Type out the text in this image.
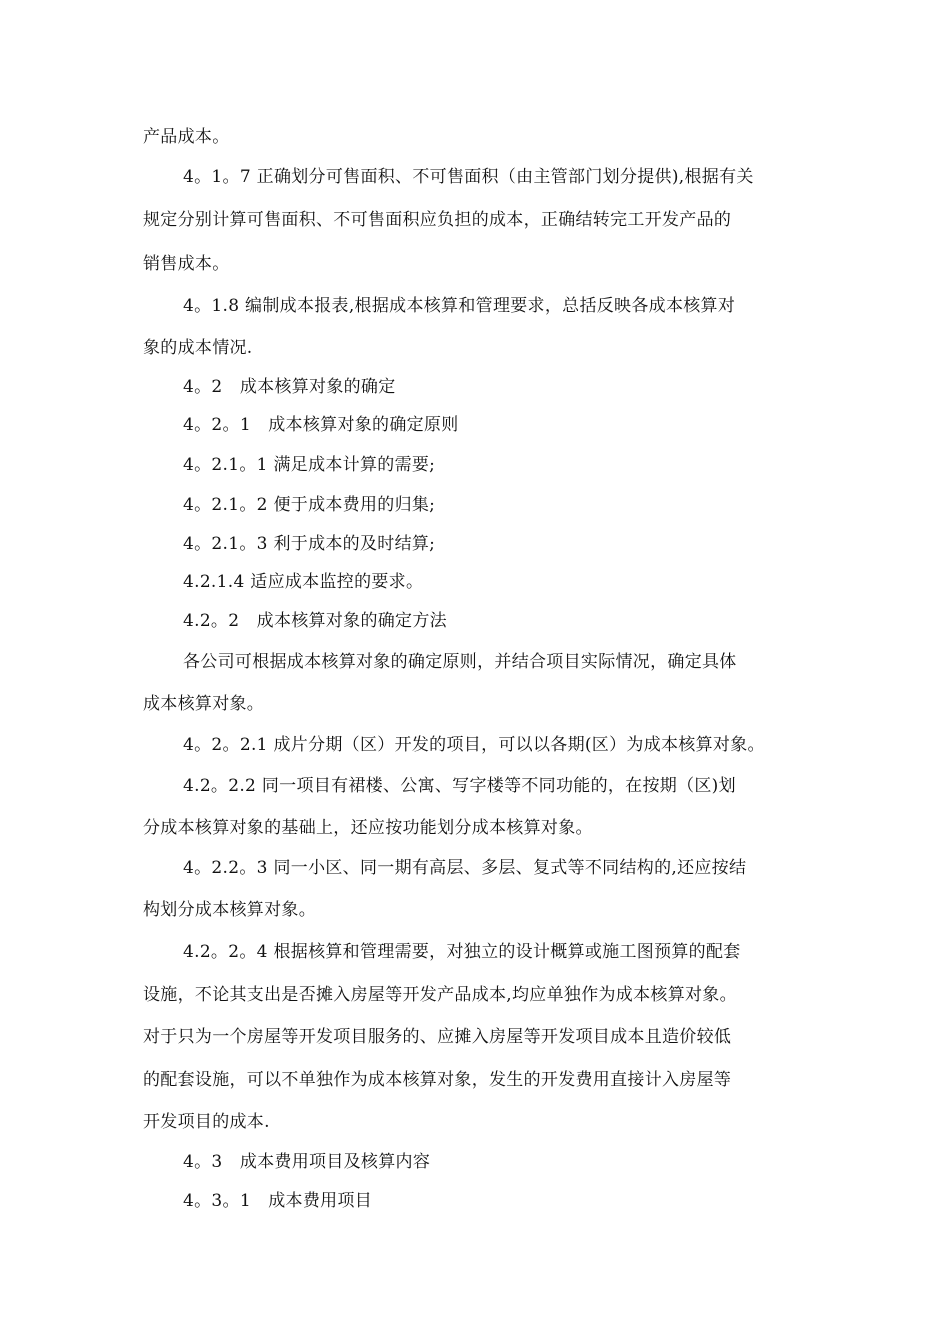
产品成本。
4。1。7 正确划分可售面积、不可售面积（由主管部门划分提供),根据有关
规定分别计算可售面积、不可售面积应负担的成本，正确结转完工开发产品的
销售成本。
4。1.8 编制成本报表,根据成本核算和管理要求，总括反映各成本核算对
象的成本情况.
4。2　成本核算对象的确定
4。2。1　成本核算对象的确定原则
4。2.1。1 满足成本计算的需要;
4。2.1。2 便于成本费用的归集;
4。2.1。3 利于成本的及时结算;
4.2.1.4 适应成本监控的要求。
4.2。2　成本核算对象的确定方法
各公司可根据成本核算对象的确定原则，并结合项目实际情况，确定具体
成本核算对象。
4。2。2.1 成片分期（区）开发的项目，可以以各期(区）为成本核算对象。
4.2。2.2 同一项目有裙楼、公寓、写字楼等不同功能的，在按期（区)划
分成本核算对象的基础上，还应按功能划分成本核算对象。
4。2.2。3 同一小区、同一期有高层、多层、复式等不同结构的,还应按结
构划分成本核算对象。
4.2。2。4 根据核算和管理需要，对独立的设计概算或施工图预算的配套
设施，不论其支出是否摊入房屋等开发产品成本,均应单独作为成本核算对象。
对于只为一个房屋等开发项目服务的、应摊入房屋等开发项目成本且造价较低
的配套设施，可以不单独作为成本核算对象，发生的开发费用直接计入房屋等
开发项目的成本.
4。3　成本费用项目及核算内容
4。3。1　成本费用项目
